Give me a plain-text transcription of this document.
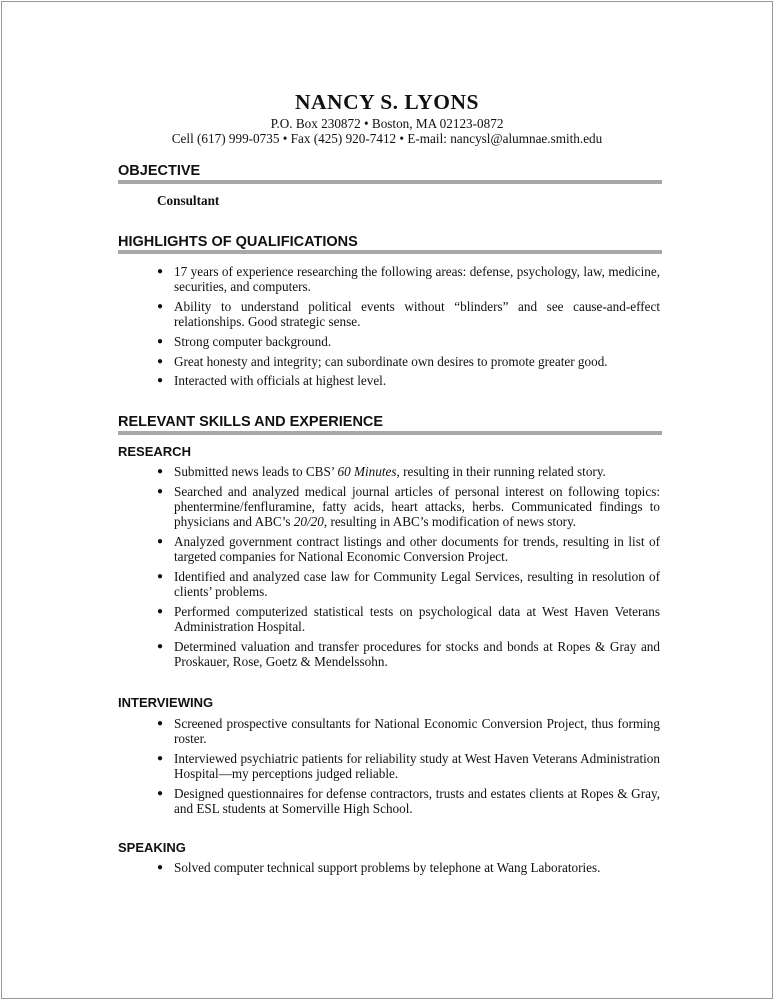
NANCY S. LYONS
P.O. Box 230872 • Boston, MA 02123-0872
Cell (617) 999-0735 • Fax (425) 920-7412 • E-mail: nancysl@alumnae.smith.edu
OBJECTIVE
Consultant
HIGHLIGHTS OF QUALIFICATIONS
● 17 years of experience researching the following areas: defense, psychology, law, medicine, securities, and computers.
● Ability to understand political events without “blinders” and see cause-and-effect relationships. Good strategic sense.
● Strong computer background.
● Great honesty and integrity; can subordinate own desires to promote greater good.
● Interacted with officials at highest level.
RELEVANT SKILLS AND EXPERIENCE
RESEARCH
● Submitted news leads to CBS’ 60 Minutes, resulting in their running related story.
● Searched and analyzed medical journal articles of personal interest on following topics: phentermine/fenfluramine, fatty acids, heart attacks, herbs. Communicated findings to physicians and ABC’s 20/20, resulting in ABC’s modification of news story.
● Analyzed government contract listings and other documents for trends, resulting in list of targeted companies for National Economic Conversion Project.
● Identified and analyzed case law for Community Legal Services, resulting in resolution of clients’ problems.
● Performed computerized statistical tests on psychological data at West Haven Veterans Administration Hospital.
● Determined valuation and transfer procedures for stocks and bonds at Ropes & Gray and Proskauer, Rose, Goetz & Mendelssohn.
INTERVIEWING
● Screened prospective consultants for National Economic Conversion Project, thus forming roster.
● Interviewed psychiatric patients for reliability study at West Haven Veterans Administration Hospital—my perceptions judged reliable.
● Designed questionnaires for defense contractors, trusts and estates clients at Ropes & Gray, and ESL students at Somerville High School.
SPEAKING
● Solved computer technical support problems by telephone at Wang Laboratories.
